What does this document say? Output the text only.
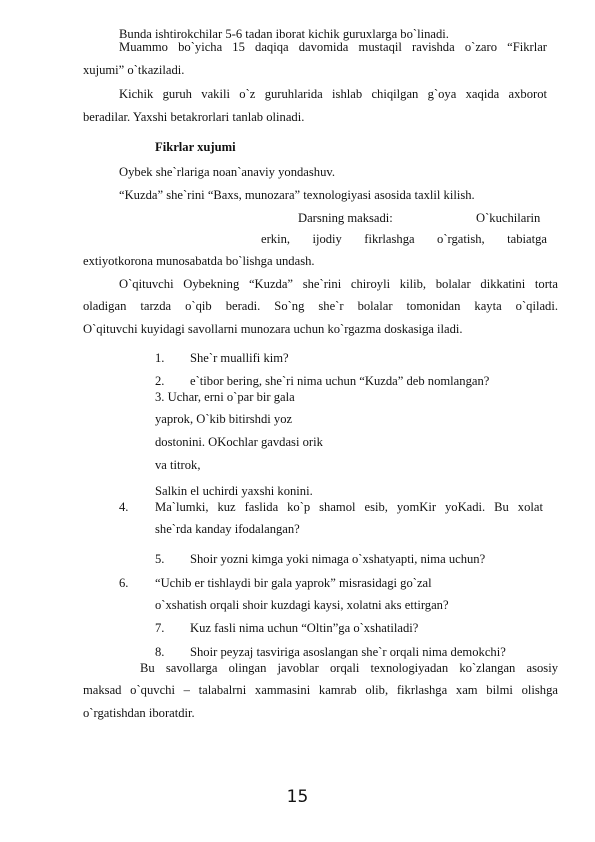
Bunda ishtirokchilar 5-6 tadan iborat kichik guruxlarga bo`linadi.
Muammo bo`yicha 15 daqiqa davomida mustaqil ravishda o`zaro “Fikrlar
xujumi” o`tkaziladi.
Kichik guruh vakili o`z guruhlarida ishlab chiqilgan g`oya xaqida axborot
beradilar. Yaxshi betakrorlari tanlab olinadi.
Fikrlar xujumi
Oybek she`rlariga noan`anaviy yondashuv.
“Kuzda” she`rini “Baxs, munozara” texnologiyasi asosida taxlil kilish.
Darsning maksadi:	O`kuchilarin
erkin, ijodiy fikrlashga o`rgatish, tabiatga
extiyotkorona munosabatda bo`lishga undash.
O`qituvchi Oybekning “Kuzda” she`rini chiroyli kilib, bolalar dikkatini torta
oladigan tarzda o`qib beradi. So`ng she`r bolalar tomonidan kayta o`qiladi.
O`qituvchi kuyidagi savollarni munozara uchun ko`rgazma doskasiga iladi.
1. She`r muallifi kim?
2. e`tibor bering, she`ri nima uchun “Kuzda” deb nomlangan?
3. Uchar, erni o`par bir gala
yaprok, O`kib bitirshdi yoz
dostonini. OKochlar gavdasi orik
va titrok,
Salkin el uchirdi yaxshi konini.
4. Ma`lumki, kuz faslida ko`p shamol esib, yomKir yoKadi. Bu xolat
she`rda kanday ifodalangan?
5. Shoir yozni kimga yoki nimaga o`xshatyapti, nima uchun?
6. “Uchib er tishlaydi bir gala yaprok” misrasidagi go`zal
o`xshatish orqali shoir kuzdagi kaysi, xolatni aks ettirgan?
7. Kuz fasli nima uchun “Oltin”ga o`xshatiladi?
8. Shoir peyzaj tasviriga asoslangan she`r orqali nima demokchi?
Bu savollarga olingan javoblar orqali texnologiyadan ko`zlangan asosiy
maksad o`quvchi – talabalrni xammasini kamrab olib, fikrlashga xam bilmi olishga
o`rgatishdan iboratdir.
15
